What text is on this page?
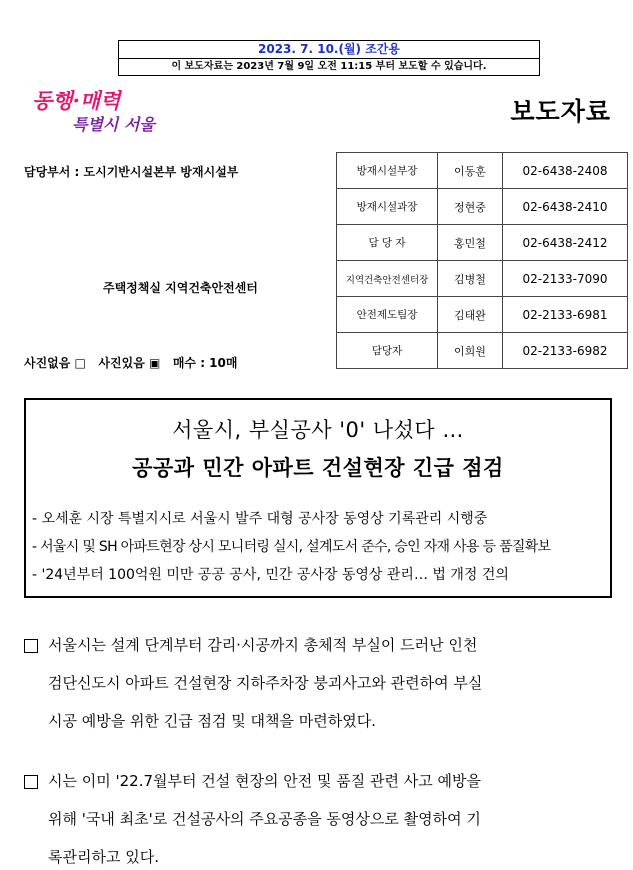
2023. 7. 10.(월) 조간용
이 보도자료는 2023년 7월 9일 오전 11:15 부터 보도할 수 있습니다.
동행·매력
특별시 서울	보도자료
담당부서 : 도시기반시설본부 방재시설부
주택정책실 지역건축안전센터
사진없음 □   사진있음 ▣   매수 : 10매
방재시설부장	이동훈	02-6438-2408
방재시설과장	정현중	02-6438-2410
담 당 자	홍민철	02-6438-2412
지역건축안전센터장	김병철	02-2133-7090
안전제도팀장	김태완	02-2133-6981
담당자	이희원	02-2133-6982
서울시, 부실공사 '0' 나섰다 …
공공과 민간 아파트 건설현장 긴급 점검
- 오세훈 시장 특별지시로 서울시 발주 대형 공사장 동영상 기록관리 시행중
- 서울시 및 SH 아파트현장 상시 모니터링 실시, 설계도서 준수, 승인 자재 사용 등 품질확보
- '24년부터 100억원 미만 공공 공사, 민간 공사장 동영상 관리… 법 개정 건의
서울시는 설계 단계부터 감리·시공까지 총체적 부실이 드러난 인천
검단신도시 아파트 건설현장 지하주차장 붕괴사고와 관련하여 부실
시공 예방을 위한 긴급 점검 및 대책을 마련하였다.
시는 이미 '22.7월부터 건설 현장의 안전 및 품질 관련 사고 예방을
위해 '국내 최초'로 건설공사의 주요공종을 동영상으로 촬영하여 기
록관리하고 있다.
